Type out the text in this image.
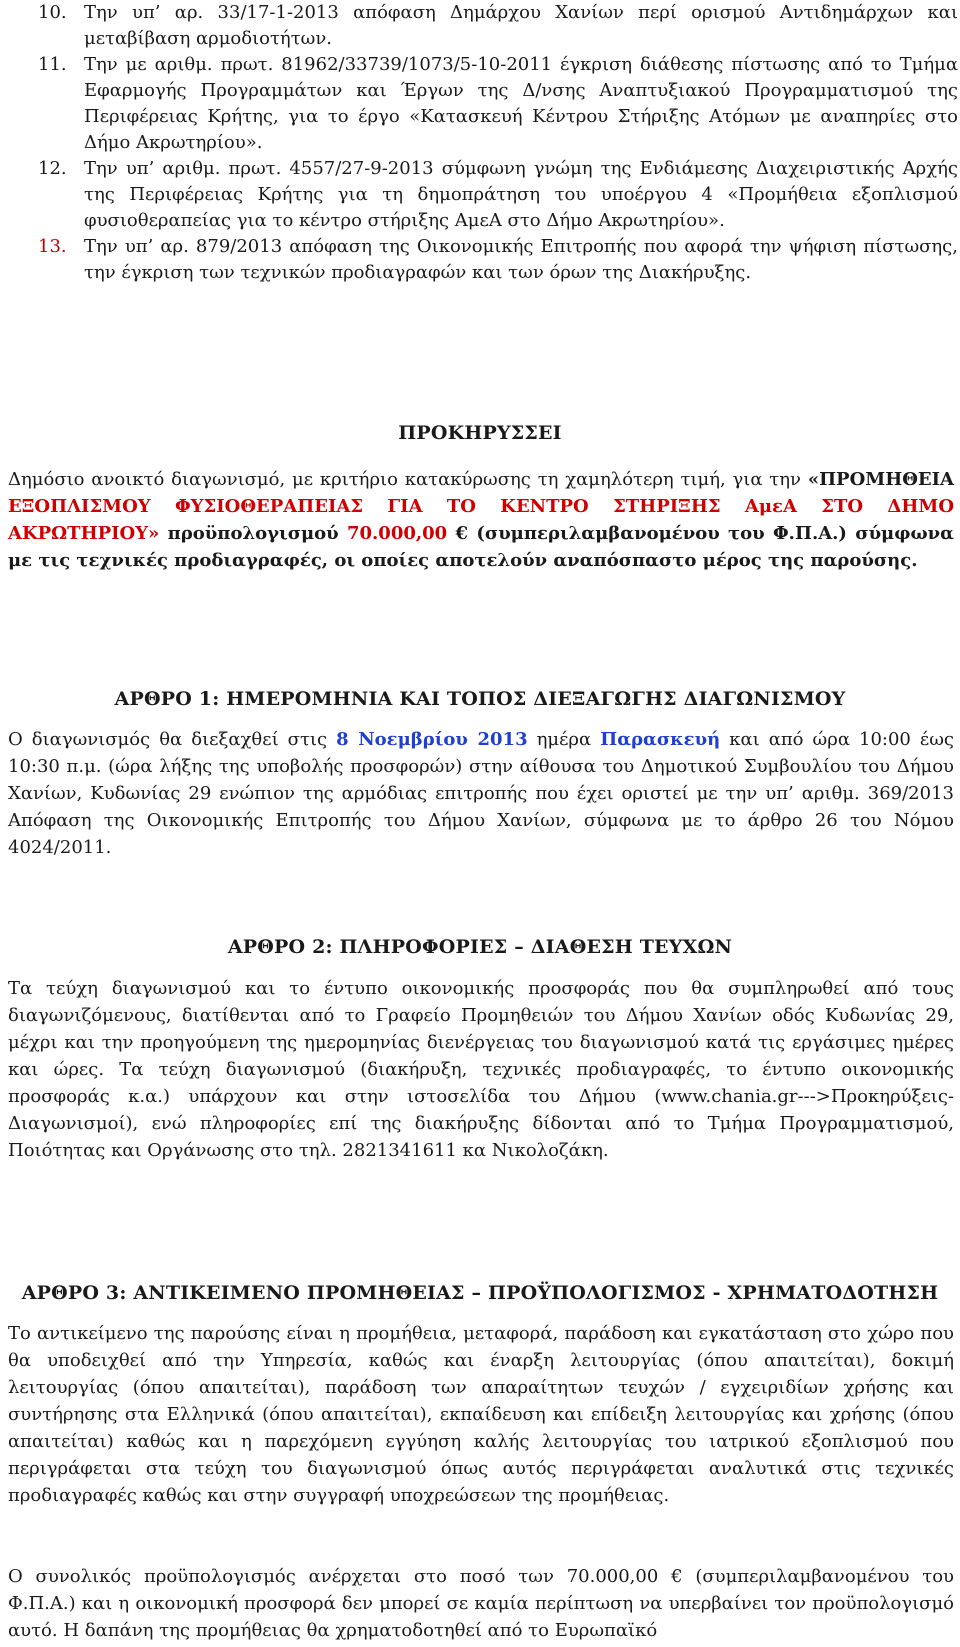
10. Την υπ’ αρ. 33/17-1-2013 απόφαση Δημάρχου Χανίων περί ορισμού Αντιδημάρχων και μεταβίβαση αρμοδιοτήτων.
11. Την με αριθμ. πρωτ. 81962/33739/1073/5-10-2011 έγκριση διάθεσης πίστωσης από το Τμήμα Εφαρμογής Προγραμμάτων και Έργων της Δ/νσης Αναπτυξιακού Προγραμματισμού της Περιφέρειας Κρήτης, για το έργο «Κατασκευή Κέντρου Στήριξης Ατόμων με αναπηρίες στο Δήμο Ακρωτηρίου».
12. Την υπ’ αριθμ. πρωτ. 4557/27-9-2013 σύμφωνη γνώμη της Ενδιάμεσης Διαχειριστικής Αρχής της Περιφέρειας Κρήτης για τη δημοπράτηση του υποέργου 4 «Προμήθεια εξοπλισμού φυσιοθεραπείας για το κέντρο στήριξης ΑμεΑ στο Δήμο Ακρωτηρίου».
13. Την υπ’ αρ. 879/2013 απόφαση της Οικονομικής Επιτροπής που αφορά την ψήφιση πίστωσης, την έγκριση των τεχνικών προδιαγραφών και των όρων της Διακήρυξης.
ΠΡΟΚΗΡΥΣΣΕΙ
Δημόσιο ανοικτό διαγωνισμό, με κριτήριο κατακύρωσης τη χαμηλότερη τιμή, για την «ΠΡΟΜΗΘΕΙΑ ΕΞΟΠΛΙΣΜΟΥ ΦΥΣΙΟΘΕΡΑΠΕΙΑΣ ΓΙΑ ΤΟ ΚΕΝΤΡΟ ΣΤΗΡΙΞΗΣ ΑμεΑ ΣΤΟ ΔΗΜΟ ΑΚΡΩΤΗΡΙΟΥ» προϋπολογισμού 70.000,00 € (συμπεριλαμβανομένου του Φ.Π.Α.) σύμφωνα με τις τεχνικές προδιαγραφές, οι οποίες αποτελούν αναπόσπαστο μέρος της παρούσης.
ΑΡΘΡΟ 1: ΗΜΕΡΟΜΗΝΙΑ ΚΑΙ ΤΟΠΟΣ ΔΙΕΞΑΓΩΓΗΣ ΔΙΑΓΩΝΙΣΜΟΥ
Ο διαγωνισμός θα διεξαχθεί στις 8 Νοεμβρίου 2013 ημέρα Παρασκευή και από ώρα 10:00 έως 10:30 π.μ. (ώρα λήξης της υποβολής προσφορών) στην αίθουσα του Δημοτικού Συμβουλίου του Δήμου Χανίων, Κυδωνίας 29 ενώπιον της αρμόδιας επιτροπής που έχει οριστεί με την υπ’ αριθμ. 369/2013 Απόφαση της Οικονομικής Επιτροπής του Δήμου Χανίων, σύμφωνα με το άρθρο 26 του Νόμου 4024/2011.
ΑΡΘΡΟ 2: ΠΛΗΡΟΦΟΡΙΕΣ – ΔΙΑΘΕΣΗ ΤΕΥΧΩΝ
Τα τεύχη διαγωνισμού και το έντυπο οικονομικής προσφοράς που θα συμπληρωθεί από τους διαγωνιζόμενους, διατίθενται από το Γραφείο Προμηθειών του Δήμου Χανίων οδός Κυδωνίας 29, μέχρι και την προηγούμενη της ημερομηνίας διενέργειας του διαγωνισμού κατά τις εργάσιμες ημέρες και ώρες. Τα τεύχη διαγωνισμού (διακήρυξη, τεχνικές προδιαγραφές, το έντυπο οικονομικής προσφοράς κ.α.) υπάρχουν και στην ιστοσελίδα του Δήμου (www.chania.gr--->Προκηρύξεις-Διαγωνισμοί), ενώ πληροφορίες επί της διακήρυξης δίδονται από το Τμήμα Προγραμματισμού, Ποιότητας και Οργάνωσης στο τηλ. 2821341611 κα Νικολοζάκη.
ΑΡΘΡΟ 3: ΑΝΤΙΚΕΙΜΕΝΟ ΠΡΟΜΗΘΕΙΑΣ – ΠΡΟΫΠΟΛΟΓΙΣΜΟΣ - ΧΡΗΜΑΤΟΔΟΤΗΣΗ
Το αντικείμενο της παρούσης είναι η προμήθεια, μεταφορά, παράδοση και εγκατάσταση στο χώρο που θα υποδειχθεί από την Υπηρεσία, καθώς και έναρξη λειτουργίας (όπου απαιτείται), δοκιμή λειτουργίας (όπου απαιτείται), παράδοση των απαραίτητων τευχών / εγχειριδίων χρήσης και συντήρησης στα Ελληνικά (όπου απαιτείται), εκπαίδευση και επίδειξη λειτουργίας και χρήσης (όπου απαιτείται) καθώς και η παρεχόμενη εγγύηση καλής λειτουργίας του ιατρικού εξοπλισμού που περιγράφεται στα τεύχη του διαγωνισμού όπως αυτός περιγράφεται αναλυτικά στις τεχνικές προδιαγραφές καθώς και στην συγγραφή υποχρεώσεων της προμήθειας.
Ο συνολικός προϋπολογισμός ανέρχεται στο ποσό των 70.000,00 € (συμπεριλαμβανομένου του Φ.Π.Α.) και η οικονομική προσφορά δεν μπορεί σε καμία περίπτωση να υπερβαίνει τον προϋπολογισμό αυτό. Η δαπάνη της προμήθειας θα χρηματοδοτηθεί από το Ευρωπαϊκό
